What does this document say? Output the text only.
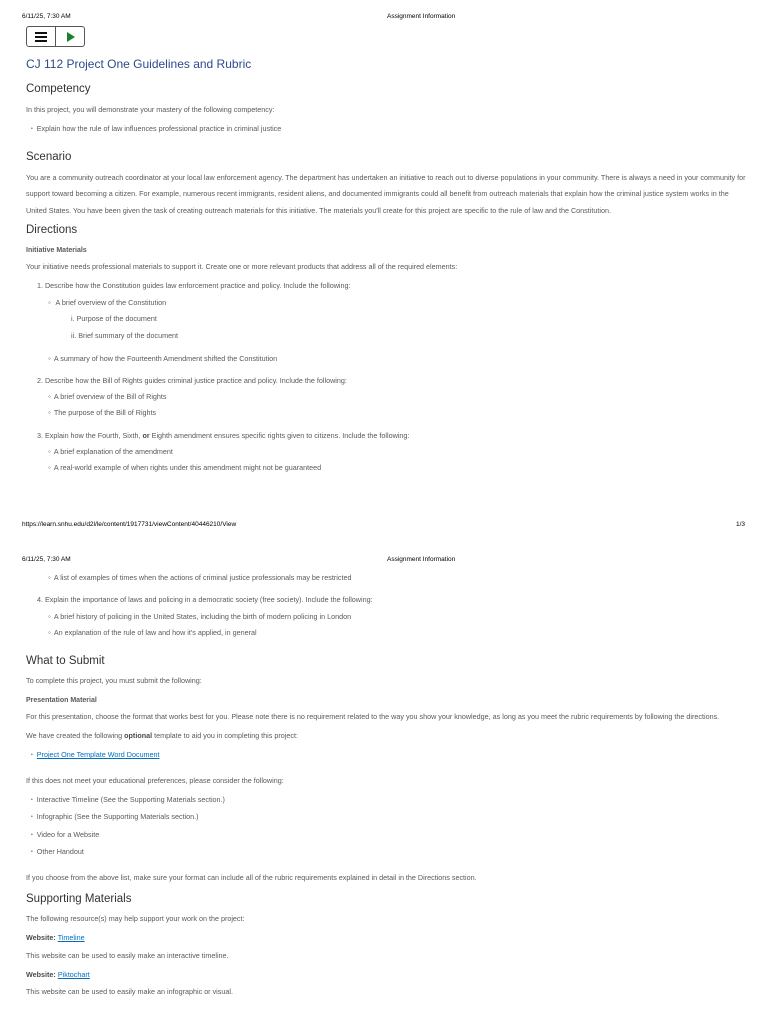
6/11/25, 7:30 AM	Assignment Information
CJ 112 Project One Guidelines and Rubric
Competency

In this project, you will demonstrate your mastery of the following competency:

• Explain how the rule of law influences professional practice in criminal justice
Scenario

You are a community outreach coordinator at your local law enforcement agency. The department has undertaken an initiative to reach out to diverse populations in your community. There is always a need in your community for support toward becoming a citizen. For example, numerous recent immigrants, resident aliens, and documented immigrants could all benefit from outreach materials that explain how the criminal justice system works in the United States. You have been given the task of creating outreach materials for this initiative. The materials you'll create for this project are specific to the rule of law and the Constitution.

Directions
Initiative Materials

Your initiative needs professional materials to support it. Create one or more relevant products that address all of the required elements:

1. Describe how the Constitution guides law enforcement practice and policy. Include the following:
◦ A brief overview of the Constitution
i. Purpose of the document
ii. Brief summary of the document
◦ A summary of how the Fourteenth Amendment shifted the Constitution
2. Describe how the Bill of Rights guides criminal justice practice and policy. Include the following:
◦ A brief overview of the Bill of Rights
◦ The purpose of the Bill of Rights
3. Explain how the Fourth, Sixth, or Eighth amendment ensures specific rights given to citizens. Include the following:
◦ A brief explanation of the amendment
◦ A real-world example of when rights under this amendment might not be guaranteed
https://learn.snhu.edu/d2l/le/content/1917731/viewContent/40446210/View	1/3
6/11/25, 7:30 AM	Assignment Information
◦ A list of examples of times when the actions of criminal justice professionals may be restricted
4. Explain the importance of laws and policing in a democratic society (free society). Include the following:
◦ A brief history of policing in the United States, including the birth of modern policing in London
◦ An explanation of the rule of law and how it's applied, in general
What to Submit

To complete this project, you must submit the following:

Presentation Material

For this presentation, choose the format that works best for you. Please note there is no requirement related to the way you show your knowledge, as long as you meet the rubric requirements by following the directions.

We have created the following optional template to aid you in completing this project:

• Project One Template Word Document

If this does not meet your educational preferences, please consider the following:

• Interactive Timeline (See the Supporting Materials section.)
• Infographic (See the Supporting Materials section.)
• Video for a Website
• Other Handout

If you choose from the above list, make sure your format can include all of the rubric requirements explained in detail in the Directions section.

Supporting Materials

The following resource(s) may help support your work on the project:

Website: Timeline

This website can be used to easily make an interactive timeline.

Website: Piktochart

This website can be used to easily make an infographic or visual.
